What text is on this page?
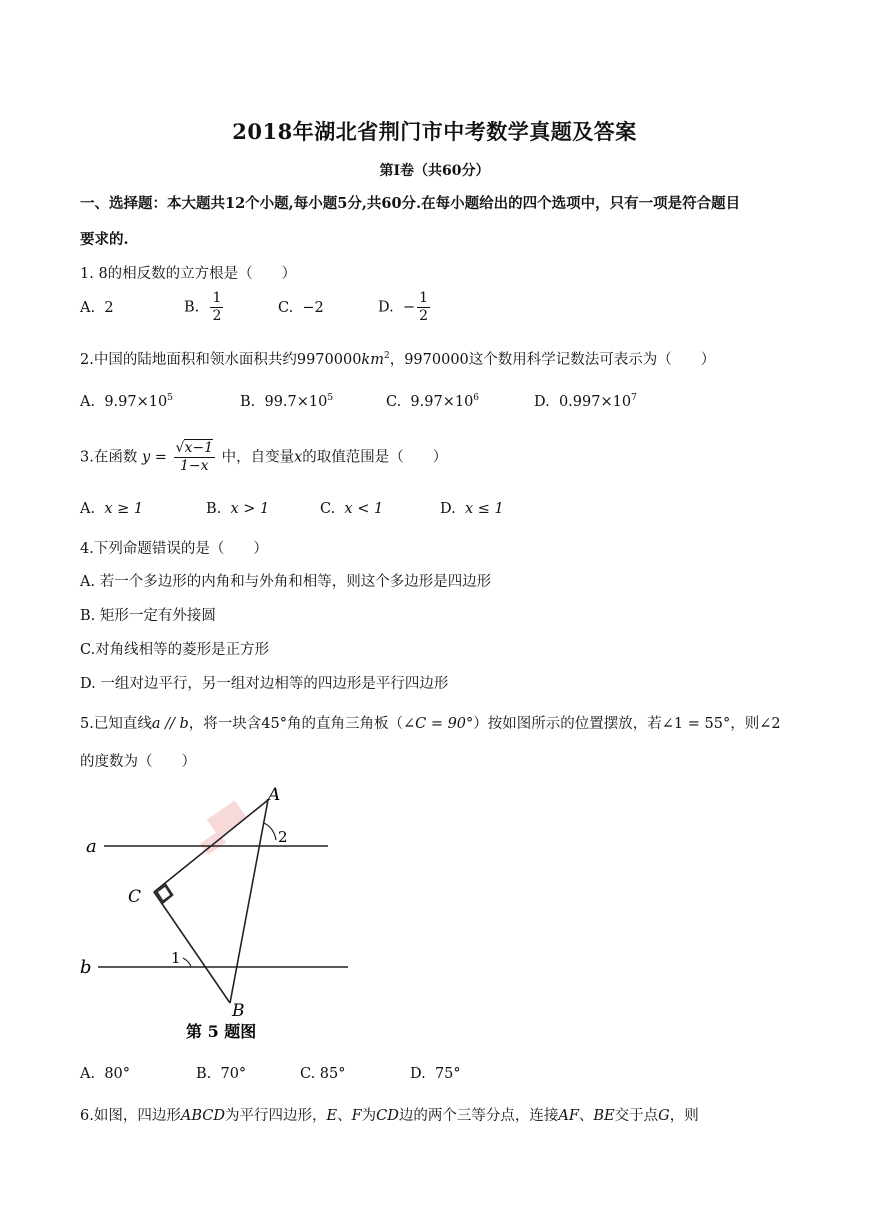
2018年湖北省荆门市中考数学真题及答案
第Ⅰ卷（共60分）
一、选择题：本大题共12个小题,每小题5分,共60分.在每小题给出的四个选项中，只有一项是符合题目
要求的.
1. 8的相反数的立方根是（　　）
A. 2	B. $\frac{1}{2}$	C. −2	D. − $\frac{1}{2}$
2.中国的陆地面积和领水面积共约$9970000km^2$，9970000这个数用科学记数法可表示为（　　）
A. $9.97\times 10^5$	B. $99.7\times 10^5$	C. $9.97\times 10^6$	D. $0.997\times 10^7$
3.在函数 $y = \frac{√x-1}{1-x}$ 中，自变量x的取值范围是（　　）
A. x ≥ 1	B. x > 1	C. x < 1	D. x ≤ 1
4.下列命题错误的是（　　）
A. 若一个多边形的内角和与外角和相等，则这个多边形是四边形
B. 矩形一定有外接圆
C.对角线相等的菱形是正方形
D. 一组对边平行，另一组对边相等的四边形是平行四边形
5.已知直线a // b，将一块含45°角的直角三角板（∠C = 90°）按如图所示的位置摆放，若∠1 = 55°，则∠2
的度数为（　　）
a
b
A
B
C
2
1
第 5 题图
A. 80°	B. 70°	C. 85°	D. 75°
6.如图，四边形ABCD为平行四边形，E、F为CD边的两个三等分点，连接AF、BE交于点G，则
